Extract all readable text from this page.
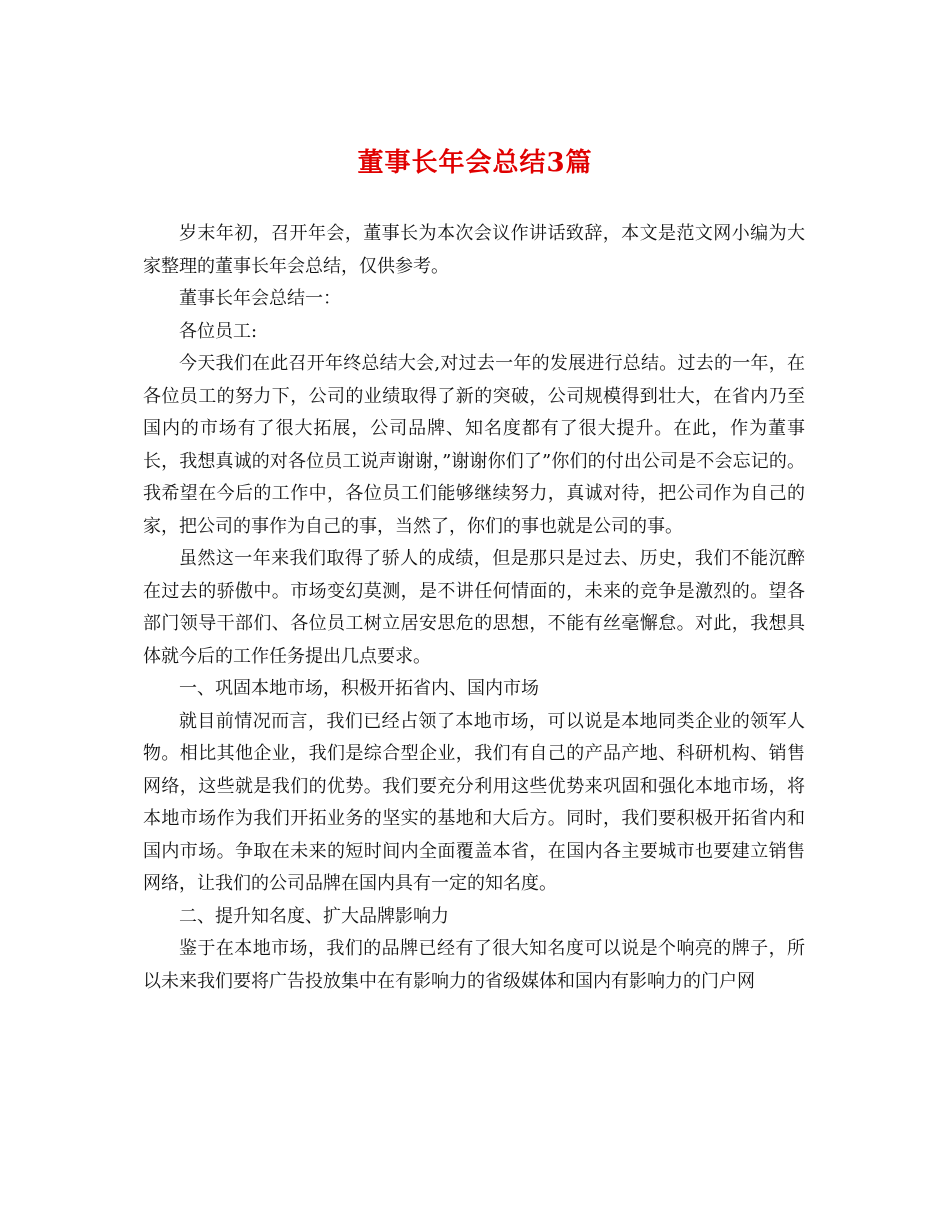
董事长年会总结3篇

岁末年初，召开年会，董事长为本次会议作讲话致辞，本文是范文网小编为大家整理的董事长年会总结，仅供参考。

董事长年会总结一：

各位员工:

今天我们在此召开年终总结大会,对过去一年的发展进行总结。过去的一年，在各位员工的努力下，公司的业绩取得了新的突破，公司规模得到壮大，在省内乃至国内的市场有了很大拓展，公司品牌、知名度都有了很大提升。在此，作为董事长，我想真诚的对各位员工说声谢谢，”谢谢你们了”你们的付出公司是不会忘记的。我希望在今后的工作中，各位员工们能够继续努力，真诚对待，把公司作为自己的家，把公司的事作为自己的事，当然了，你们的事也就是公司的事。

虽然这一年来我们取得了骄人的成绩，但是那只是过去、历史，我们不能沉醉在过去的骄傲中。市场变幻莫测，是不讲任何情面的，未来的竞争是激烈的。望各部门领导干部们、各位员工树立居安思危的思想，不能有丝毫懈怠。对此，我想具体就今后的工作任务提出几点要求。

一、巩固本地市场，积极开拓省内、国内市场

就目前情况而言，我们已经占领了本地市场，可以说是本地同类企业的领军人物。相比其他企业，我们是综合型企业，我们有自己的产品产地、科研机构、销售网络，这些就是我们的优势。我们要充分利用这些优势来巩固和强化本地市场，将本地市场作为我们开拓业务的坚实的基地和大后方。同时，我们要积极开拓省内和国内市场。争取在未来的短时间内全面覆盖本省，在国内各主要城市也要建立销售网络，让我们的公司品牌在国内具有一定的知名度。

二、提升知名度、扩大品牌影响力

鉴于在本地市场，我们的品牌已经有了很大知名度可以说是个响亮的牌子，所以未来我们要将广告投放集中在有影响力的省级媒体和国内有影响力的门户网
